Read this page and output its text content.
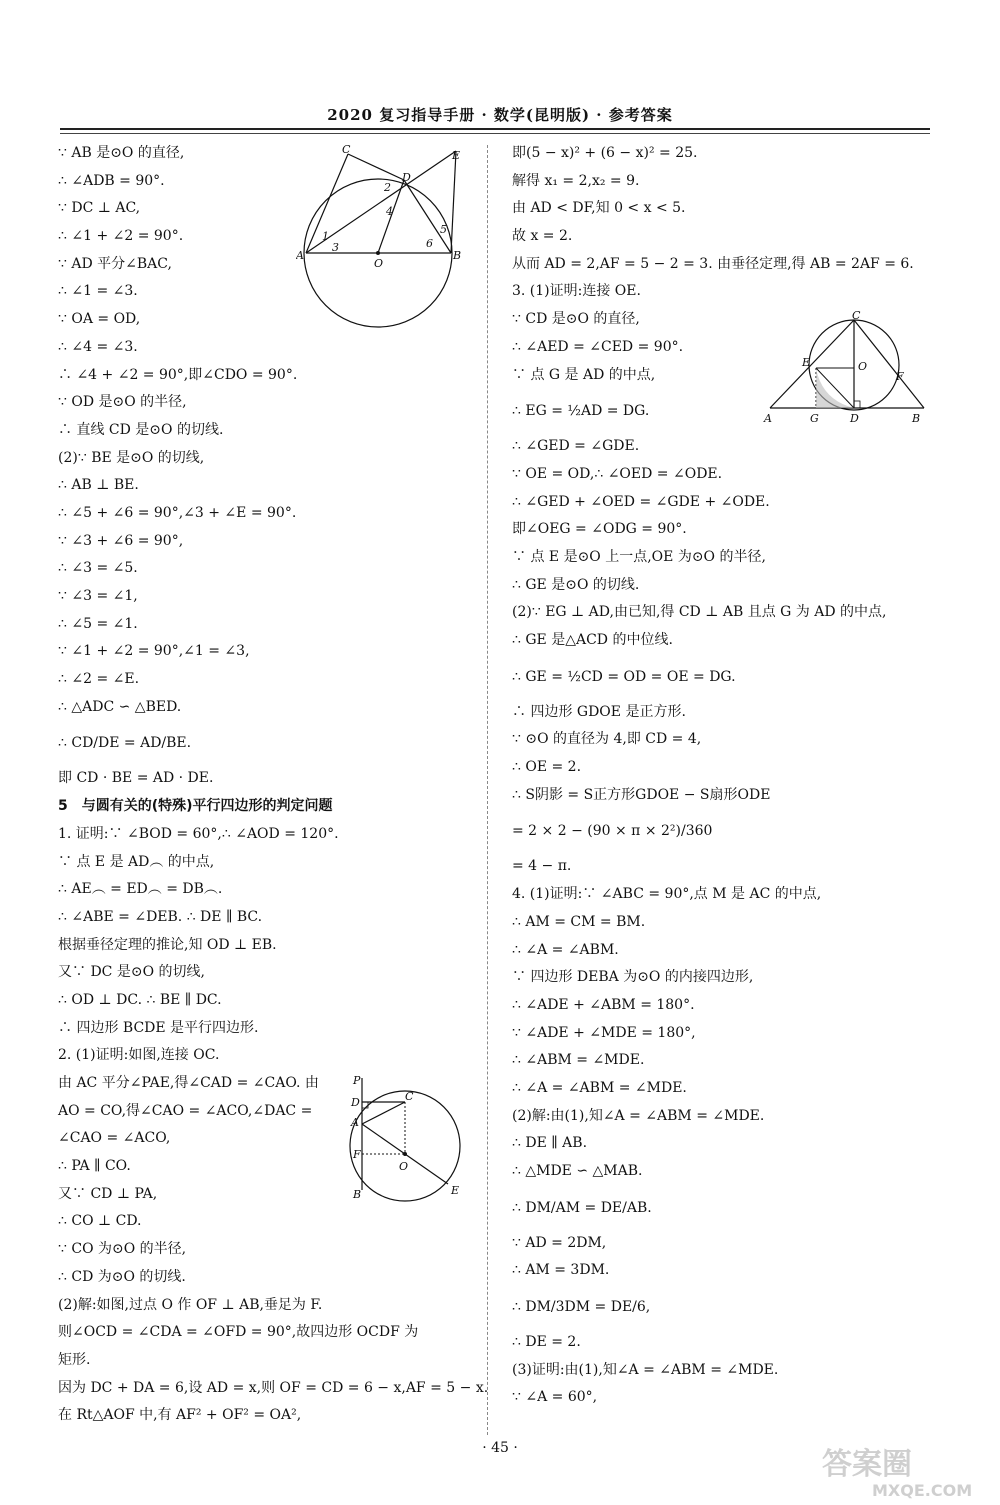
2020 复习指导手册 · 数学(昆明版) · 参考答案
∵ AB 是⊙O 的直径,
∴ ∠ADB = 90°.
∵ DC ⊥ AC,
∴ ∠1 + ∠2 = 90°.
∵ AD 平分∠BAC,
∴ ∠1 = ∠3.
∵ OA = OD,
∴ ∠4 = ∠3.
∴ ∠4 + ∠2 = 90°,即∠CDO = 90°.
∵ OD 是⊙O 的半径,
∴ 直线 CD 是⊙O 的切线.
(2)∵ BE 是⊙O 的切线,
∴ AB ⊥ BE.
∴ ∠5 + ∠6 = 90°,∠3 + ∠E = 90°.
∵ ∠3 + ∠6 = 90°,
∴ ∠3 = ∠5.
∵ ∠3 = ∠1,
∴ ∠5 = ∠1.
∵ ∠1 + ∠2 = 90°,∠1 = ∠3,
∴ ∠2 = ∠E.
∴ △ADC ∽ △BED.
∴ CD/DE = AD/BE.
即 CD · BE = AD · DE.
5　与圆有关的(特殊)平行四边形的判定问题
1. 证明:∵ ∠BOD = 60°,∴ ∠AOD = 120°.
∵ 点 E 是 AD︵ 的中点,
∴ AE︵ = ED︵ = DB︵.
∴ ∠ABE = ∠DEB. ∴ DE ∥ BC.
根据垂径定理的推论,知 OD ⊥ EB.
又∵ DC 是⊙O 的切线,
∴ OD ⊥ DC. ∴ BE ∥ DC.
∴ 四边形 BCDE 是平行四边形.
2. (1)证明:如图,连接 OC.
由 AC 平分∠PAE,得∠CAD = ∠CAO. 由
AO = CO,得∠CAO = ∠ACO,∠DAC =
∠CAO = ∠ACO,
∴ PA ∥ CO.
又∵ CD ⊥ PA,
∴ CO ⊥ CD.
∵ CO 为⊙O 的半径,
∴ CD 为⊙O 的切线.
(2)解:如图,过点 O 作 OF ⊥ AB,垂足为 F.
则∠OCD = ∠CDA = ∠OFD = 90°,故四边形 OCDF 为
矩形.
因为 DC + DA = 6,设 AD = x,则 OF = CD = 6 − x,AF = 5 − x.
在 Rt△AOF 中,有 AF² + OF² = OA²,
即(5 − x)² + (6 − x)² = 25.
解得 x₁ = 2,x₂ = 9.
由 AD < DF,知 0 < x < 5.
故 x = 2.
从而 AD = 2,AF = 5 − 2 = 3. 由垂径定理,得 AB = 2AF = 6.
3. (1)证明:连接 OE.
∵ CD 是⊙O 的直径,
∴ ∠AED = ∠CED = 90°.
∵ 点 G 是 AD 的中点,
∴ EG = ½AD = DG.
∴ ∠GED = ∠GDE.
∵ OE = OD,∴ ∠OED = ∠ODE.
∴ ∠GED + ∠OED = ∠GDE + ∠ODE.
即∠OEG = ∠ODG = 90°.
∵ 点 E 是⊙O 上一点,OE 为⊙O 的半径,
∴ GE 是⊙O 的切线.
(2)∵ EG ⊥ AD,由已知,得 CD ⊥ AB 且点 G 为 AD 的中点,
∴ GE 是△ACD 的中位线.
∴ GE = ½CD = OD = OE = DG.
∴ 四边形 GDOE 是正方形.
∵ ⊙O 的直径为 4,即 CD = 4,
∴ OE = 2.
∴ S阴影 = S正方形GDOE − S扇形ODE
= 2 × 2 − (90 × π × 2²)/360
= 4 − π.
4. (1)证明:∵ ∠ABC = 90°,点 M 是 AC 的中点,
∴ AM = CM = BM.
∴ ∠A = ∠ABM.
∵ 四边形 DEBA 为⊙O 的内接四边形,
∴ ∠ADE + ∠ABM = 180°.
∵ ∠ADE + ∠MDE = 180°,
∴ ∠ABM = ∠MDE.
∴ ∠A = ∠ABM = ∠MDE.
(2)解:由(1),知∠A = ∠ABM = ∠MDE.
∴ DE ∥ AB.
∴ △MDE ∽ △MAB.
∴ DM/AM = DE/AB.
∵ AD = 2DM,
∴ AM = 3DM.
∴ DM/3DM = DE/6,
∴ DE = 2.
(3)证明:由(1),知∠A = ∠ABM = ∠MDE.
∵ ∠A = 60°,
C	E
D
2
4
1
3
5
6
A
O
B
C
E	O
F
A	G	D	B
P
C
D
A
F
O
B	E
· 45 ·	答案圈
MXQE.COM
